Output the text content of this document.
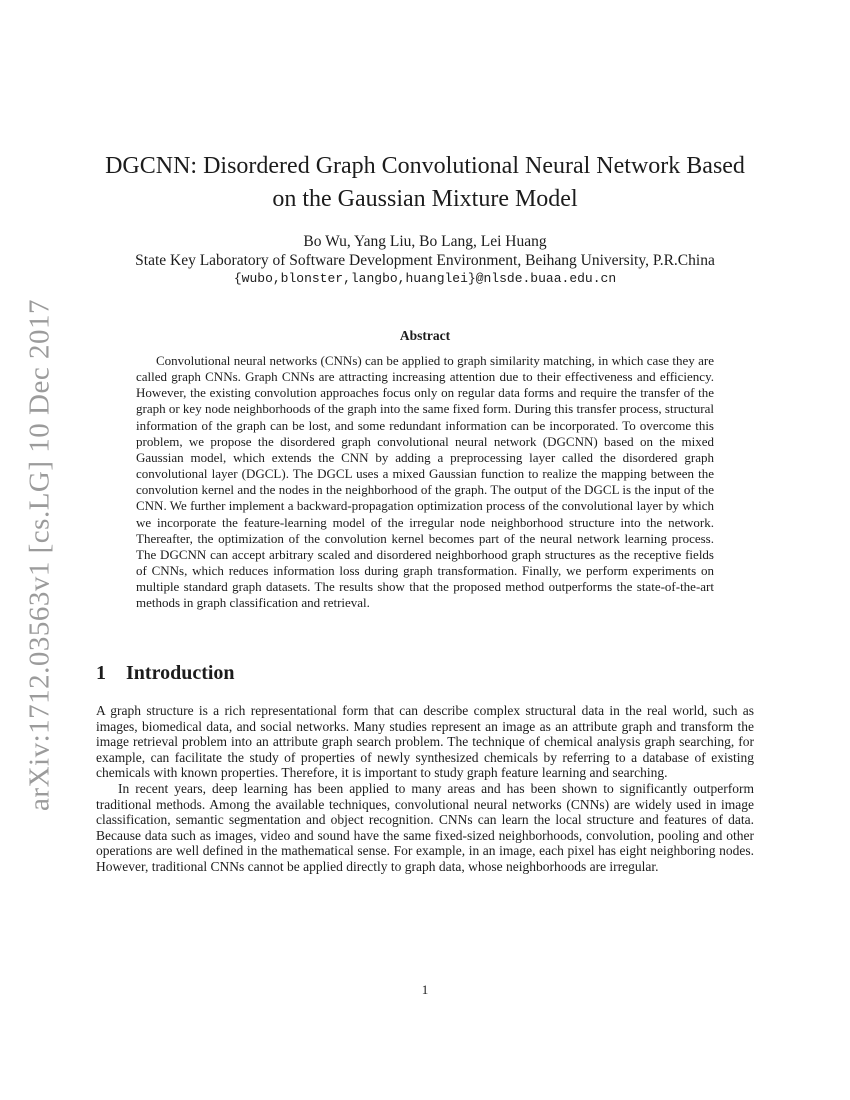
arXiv:1712.03563v1 [cs.LG] 10 Dec 2017
DGCNN: Disordered Graph Convolutional Neural Network Based
on the Gaussian Mixture Model
Bo Wu, Yang Liu, Bo Lang, Lei Huang
State Key Laboratory of Software Development Environment, Beihang University, P.R.China
{wubo,blonster,langbo,huanglei}@nlsde.buaa.edu.cn
Abstract
Convolutional neural networks (CNNs) can be applied to graph similarity matching, in which case they are called graph CNNs. Graph CNNs are attracting increasing attention due to their effectiveness and efficiency. However, the existing convolution approaches focus only on regular data forms and require the transfer of the graph or key node neighborhoods of the graph into the same fixed form. During this transfer process, structural information of the graph can be lost, and some redundant information can be incorporated. To overcome this problem, we propose the disordered graph convolutional neural network (DGCNN) based on the mixed Gaussian model, which extends the CNN by adding a preprocessing layer called the disordered graph convolutional layer (DGCL). The DGCL uses a mixed Gaussian function to realize the mapping between the convolution kernel and the nodes in the neighborhood of the graph. The output of the DGCL is the input of the CNN. We further implement a backward-propagation optimization process of the convolutional layer by which we incorporate the feature-learning model of the irregular node neighborhood structure into the network. Thereafter, the optimization of the convolution kernel becomes part of the neural network learning process. The DGCNN can accept arbitrary scaled and disordered neighborhood graph structures as the receptive fields of CNNs, which reduces information loss during graph transformation. Finally, we perform experiments on multiple standard graph datasets. The results show that the proposed method outperforms the state-of-the-art methods in graph classification and retrieval.
1 Introduction

A graph structure is a rich representational form that can describe complex structural data in the real world, such as images, biomedical data, and social networks. Many studies represent an image as an attribute graph and transform the image retrieval problem into an attribute graph search problem. The technique of chemical analysis graph searching, for example, can facilitate the study of properties of newly synthesized chemicals by referring to a database of existing chemicals with known properties. Therefore, it is important to study graph feature learning and searching.

In recent years, deep learning has been applied to many areas and has been shown to significantly outperform traditional methods. Among the available techniques, convolutional neural networks (CNNs) are widely used in image classification, semantic segmentation and object recognition. CNNs can learn the local structure and features of data. Because data such as images, video and sound have the same fixed-sized neighborhoods, convolution, pooling and other operations are well defined in the mathematical sense. For example, in an image, each pixel has eight neighboring nodes. However, traditional CNNs cannot be applied directly to graph data, whose neighborhoods are irregular.

1
